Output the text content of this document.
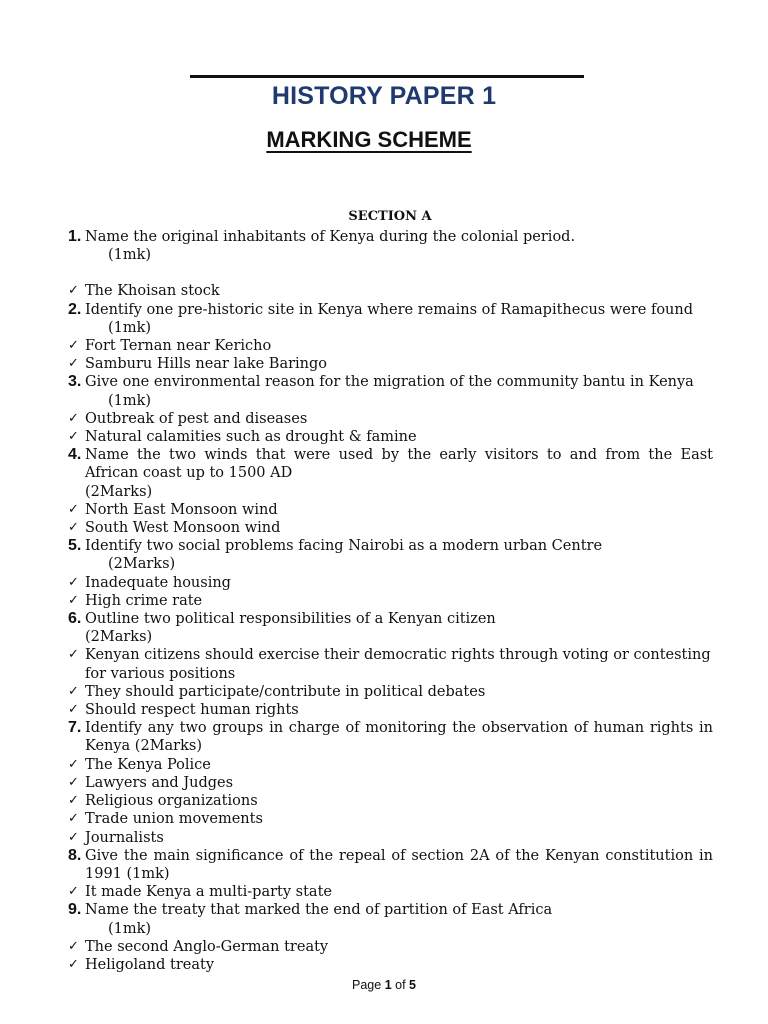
HISTORY PAPER 1
MARKING SCHEME
SECTION A
1. Name the original inhabitants of Kenya during the colonial period.
(1mk)
✓ The Khoisan stock
2. Identify one pre-historic site in Kenya where remains of Ramapithecus were found
(1mk)
✓ Fort Ternan near Kericho
✓ Samburu Hills near lake Baringo
3. Give one environmental reason for the migration of the community bantu in Kenya
(1mk)
✓ Outbreak of pest and diseases
✓ Natural calamities such as drought & famine
4. Name the two winds that were used by the early visitors to and from the East African coast up to 1500 AD
(2Marks)
✓ North East Monsoon wind
✓ South West Monsoon wind
5. Identify two social problems facing Nairobi as a modern urban Centre
(2Marks)
✓ Inadequate housing
✓ High crime rate
6. Outline two political responsibilities of a Kenyan citizen
(2Marks)
✓ Kenyan citizens should exercise their democratic rights through voting or contesting for various positions
✓ They should participate/contribute in political debates
✓ Should respect human rights
7. Identify any two groups in charge of monitoring the observation of human rights in Kenya (2Marks)
✓ The Kenya Police
✓ Lawyers and Judges
✓ Religious organizations
✓ Trade union movements
✓ Journalists
8. Give the main significance of the repeal of section 2A of the Kenyan constitution in 1991 (1mk)
✓ It made Kenya a multi-party state
9. Name the treaty that marked the end of partition of East Africa
(1mk)
✓ The second Anglo-German treaty
✓ Heligoland treaty
Page 1 of 5
